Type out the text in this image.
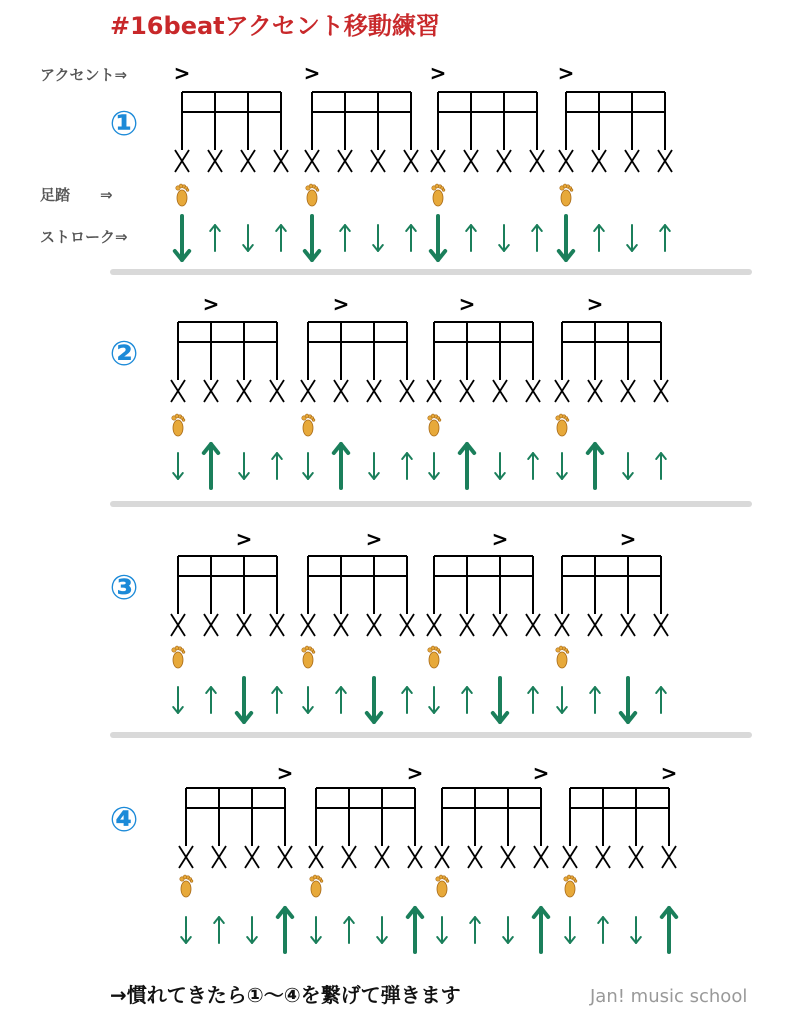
#16beatアクセント移動練習
アクセント⇒
足踏　　⇒
ストローク⇒
①
>	>	>	>
②
>	>	>	>
③
>	>	>	>
④
>	>	>	>
→慣れてきたら①〜④を繋げて弾きます	Jan! music school
